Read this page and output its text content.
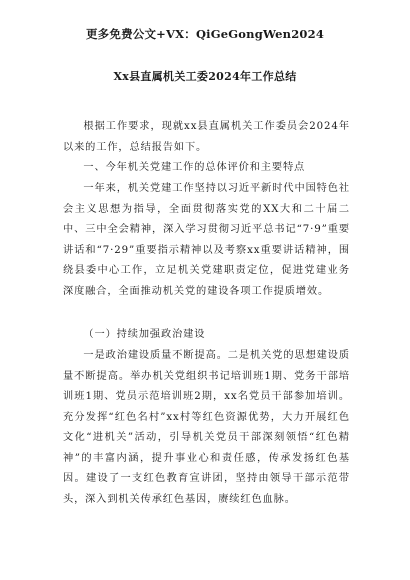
更多免费公文+VX：QiGeGongWen2024
Xx县直属机关工委2024年工作总结

根据工作要求，现就xx县直属机关工作委员会2024年以来的工作，总结报告如下。

一、今年机关党建工作的总体评价和主要特点

一年来，机关党建工作坚持以习近平新时代中国特色社会主义思想为指导，全面贯彻落实党的XX大和二十届二中、三中全会精神，深入学习贯彻习近平总书记“7·9”重要讲话和“7·29”重要指示精神以及考察xx重要讲话精神，围绕县委中心工作，立足机关党建职责定位，促进党建业务深度融合，全面推动机关党的建设各项工作提质增效。

（一）持续加强政治建设

一是政治建设质量不断提高。二是机关党的思想建设质量不断提高。举办机关党组织书记培训班1期、党务干部培训班1期、党员示范培训班2期，xx名党员干部参加培训。充分发挥“红色名村”xx村等红色资源优势，大力开展红色文化“进机关”活动，引导机关党员干部深刻领悟“红色精神”的丰富内涵，提升事业心和责任感，传承发扬红色基因。建设了一支红色教育宣讲团，坚持由领导干部示范带头，深入到机关传承红色基因，赓续红色血脉。
